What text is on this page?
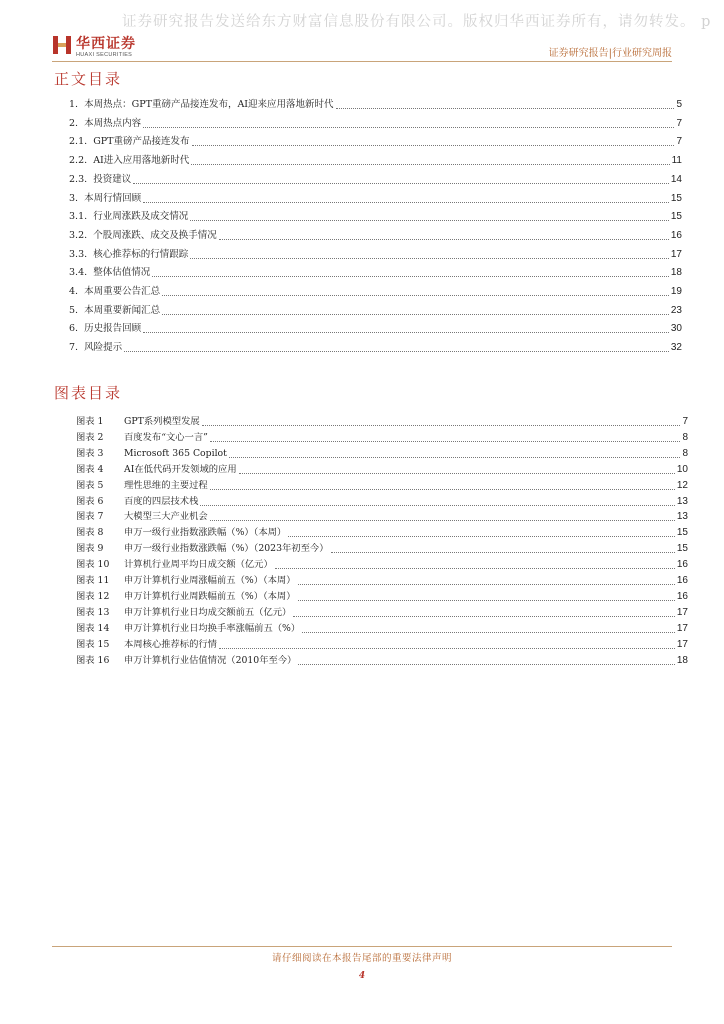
证券研究报告发送给东方财富信息股份有限公司。版权归华西证券所有，请勿转发。 p
华西证券
HUAXI SECURITIES	证券研究报告|行业研究周报
正文目录
1. 本周热点：GPT重磅产品接连发布，AI迎来应用落地新时代	5
2. 本周热点内容	7
2.1. GPT重磅产品接连发布	7
2.2. AI进入应用落地新时代	11
2.3. 投资建议	14
3. 本周行情回顾	15
3.1. 行业周涨跌及成交情况	15
3.2. 个股周涨跌、成交及换手情况	16
3.3. 核心推荐标的行情跟踪	17
3.4. 整体估值情况	18
4. 本周重要公告汇总	19
5. 本周重要新闻汇总	23
6. 历史报告回顾	30
7. 风险提示	32
图表目录
图表 1 GPT系列模型发展	7
图表 2 百度发布“文心一言”	8
图表 3 Microsoft 365 Copilot	8
图表 4 AI在低代码开发领域的应用	10
图表 5 理性思维的主要过程	12
图表 6 百度的四层技术栈	13
图表 7 大模型三大产业机会	13
图表 8 申万一级行业指数涨跌幅（%）（本周）	15
图表 9 申万一级行业指数涨跌幅（%）（2023年初至今）	15
图表 10 计算机行业周平均日成交额（亿元）	16
图表 11 申万计算机行业周涨幅前五（%）（本周）	16
图表 12 申万计算机行业周跌幅前五（%）（本周）	16
图表 13 申万计算机行业日均成交额前五（亿元）	17
图表 14 申万计算机行业日均换手率涨幅前五（%）	17
图表 15 本周核心推荐标的行情	17
图表 16 申万计算机行业估值情况（2010年至今）	18
请仔细阅读在本报告尾部的重要法律声明
4
